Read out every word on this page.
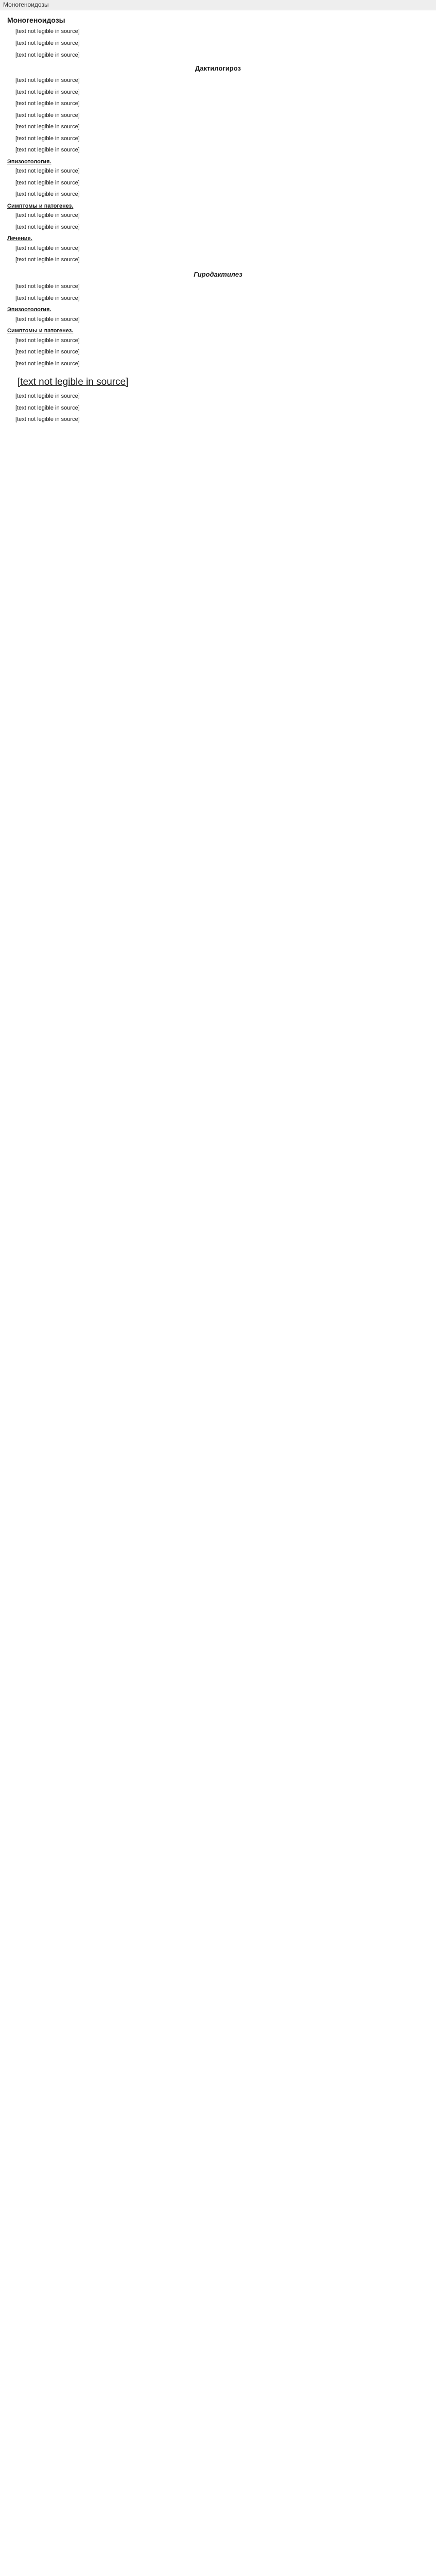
Моногеноидозы
Моногеноидозы

[text not legible in source]

[text not legible in source]

[text not legible in source]

Дактилогироз

[text not legible in source]

[text not legible in source]

[text not legible in source]

[text not legible in source]

[text not legible in source]

[text not legible in source]

[text not legible in source]

Эпизоотология.

[text not legible in source]

[text not legible in source]

[text not legible in source]

Симптомы и патогенез.

[text not legible in source]

[text not legible in source]

Лечение.

[text not legible in source]

[text not legible in source]

Гиродактилез

[text not legible in source]

[text not legible in source]

Эпизоотология.

[text not legible in source]

Симптомы и патогенез.

[text not legible in source]

[text not legible in source]

[text not legible in source]

[text not legible in source]

[text not legible in source]

[text not legible in source]

[text not legible in source]
